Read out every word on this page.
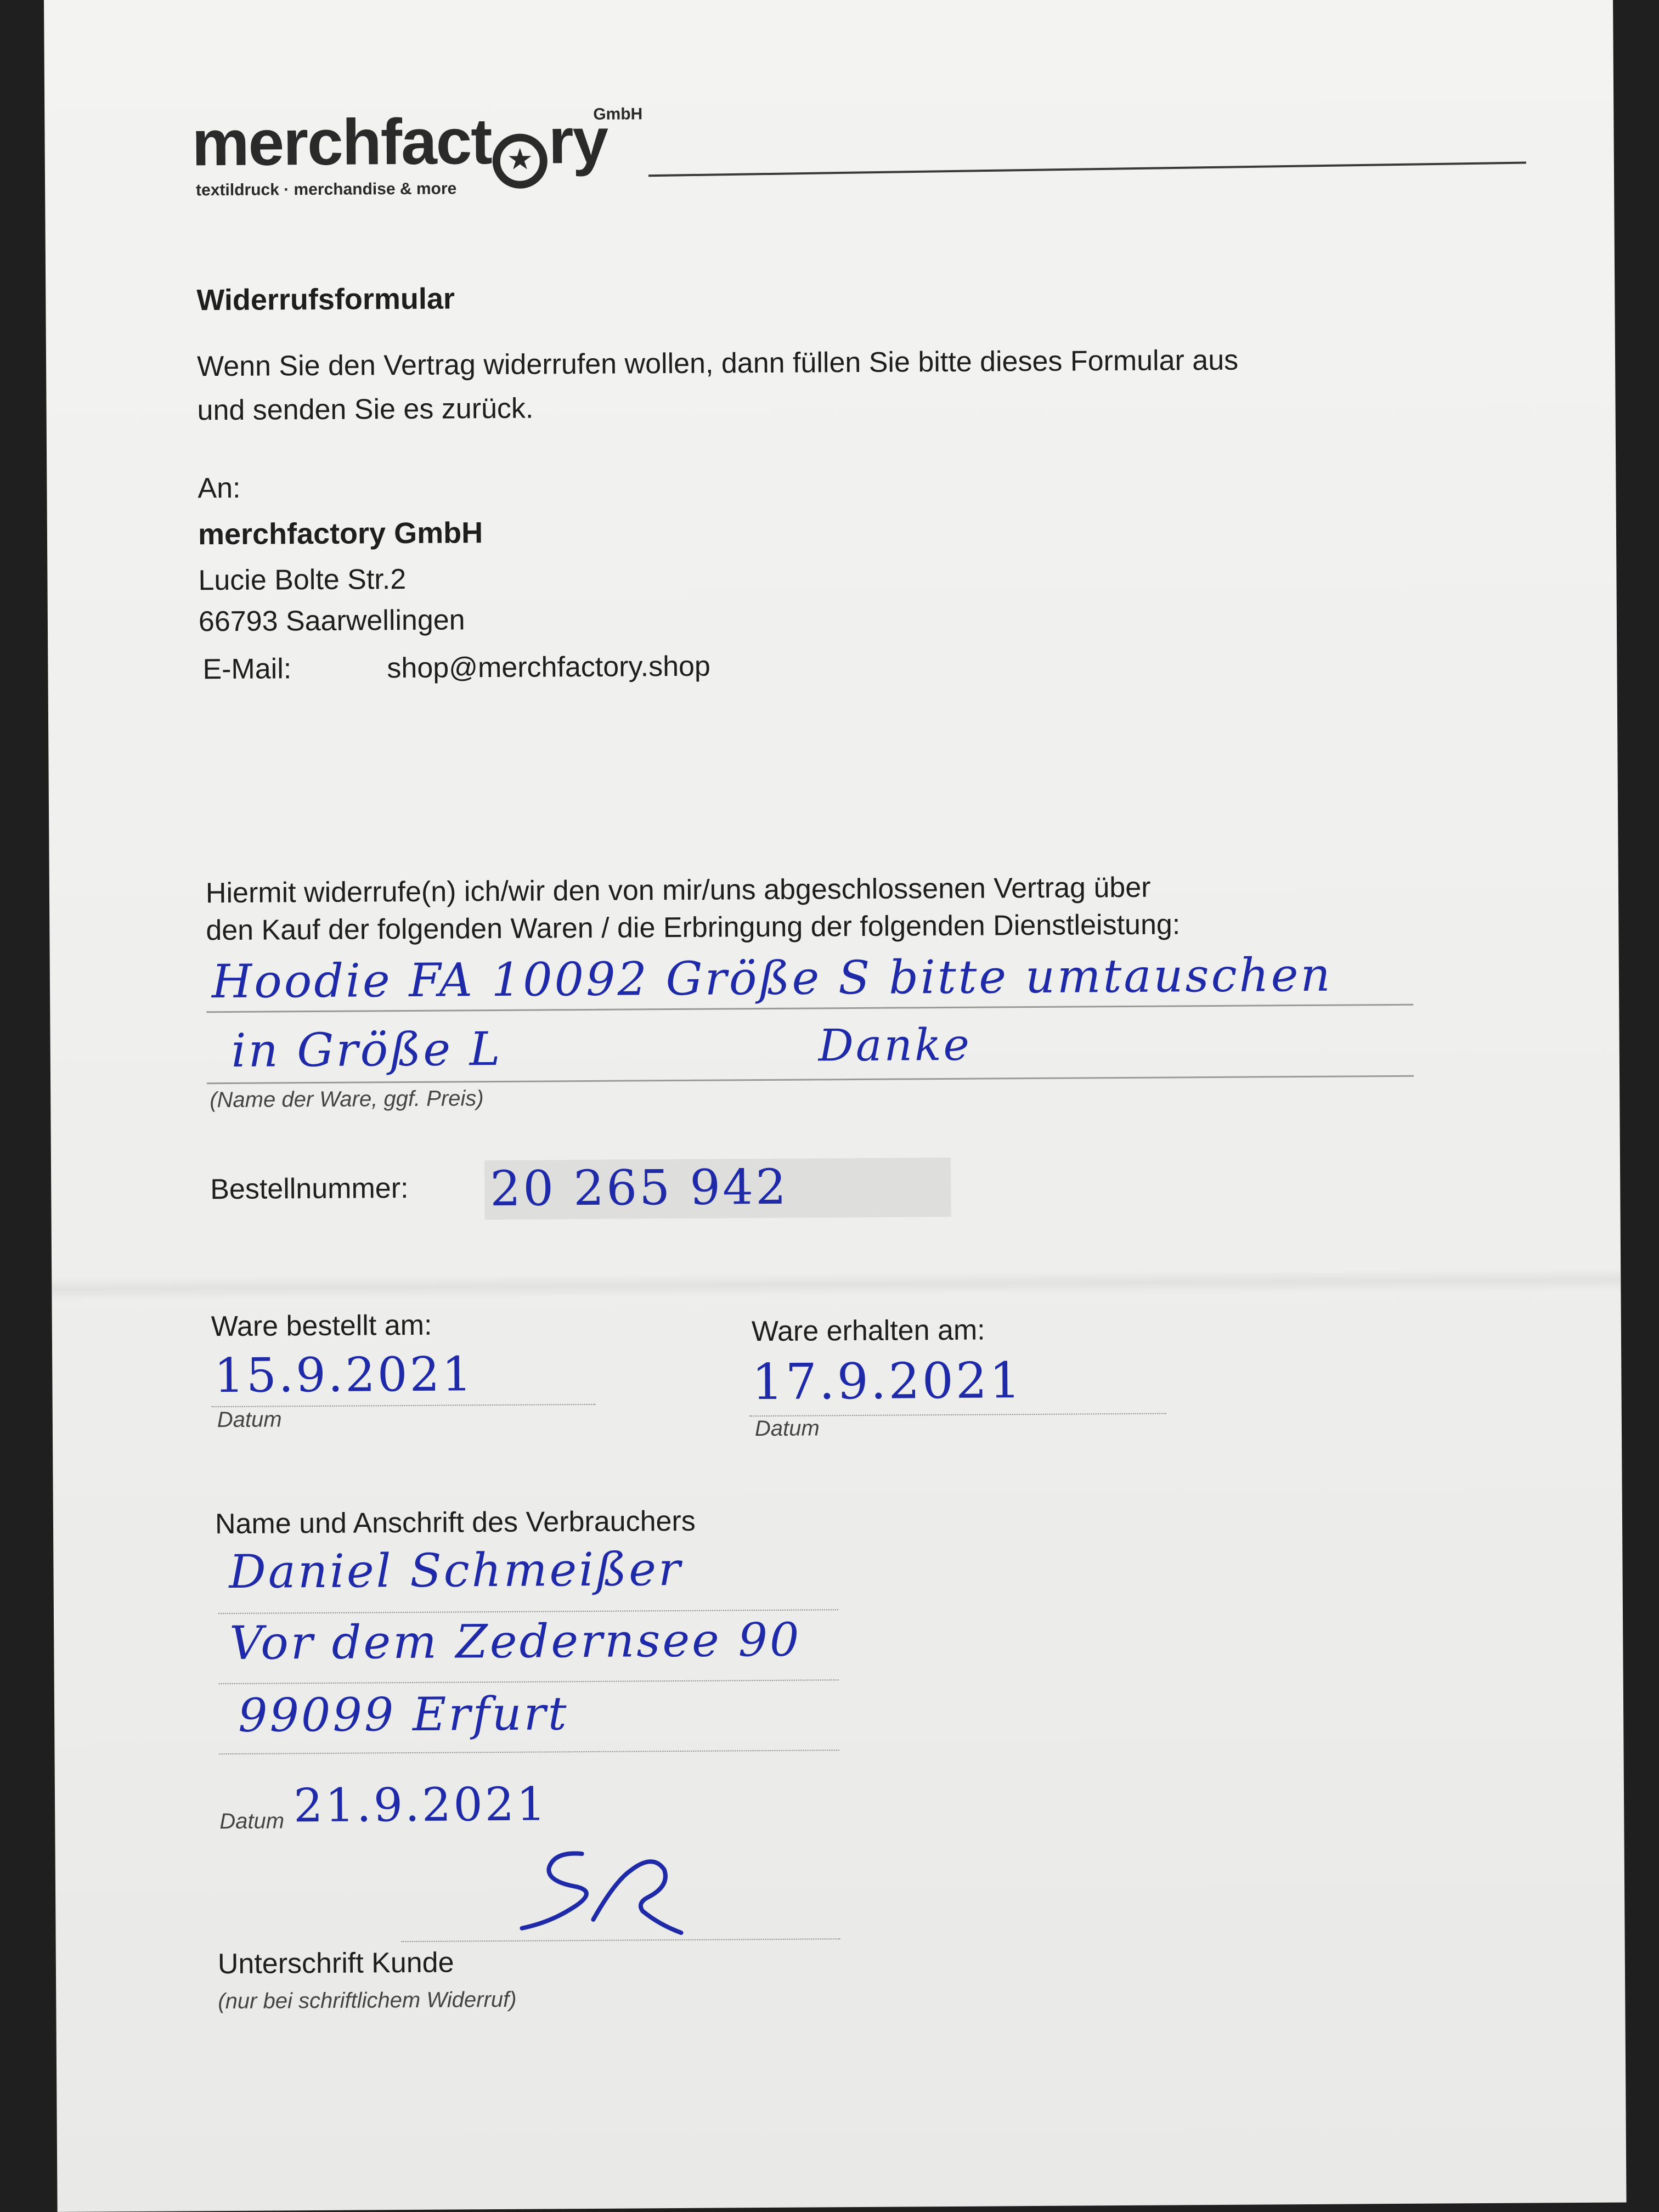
merchfact ★ ry
GmbH
textildruck · merchandise & more
Widerrufsformular
Wenn Sie den Vertrag widerrufen wollen, dann füllen Sie bitte dieses Formular aus
und senden Sie es zurück.
An:
merchfactory GmbH
Lucie Bolte Str.2
66793 Saarwellingen
E-Mail:	shop@merchfactory.shop
Hiermit widerrufe(n) ich/wir den von mir/uns abgeschlossenen Vertrag über
den Kauf der folgenden Waren / die Erbringung der folgenden Dienstleistung:
Hoodie FA 10092 Größe S bitte umtauschen
in Größe L	Danke
(Name der Ware, ggf. Preis)
Bestellnummer: 20 265 942
Ware bestellt am:
15.9.2021
Datum
Ware erhalten am:
17.9.2021
Datum
Name und Anschrift des Verbrauchers
Daniel Schmeißer
Vor dem Zedernsee 90
99099 Erfurt
Datum 21.9.2021
Unterschrift Kunde
(nur bei schriftlichem Widerruf)
